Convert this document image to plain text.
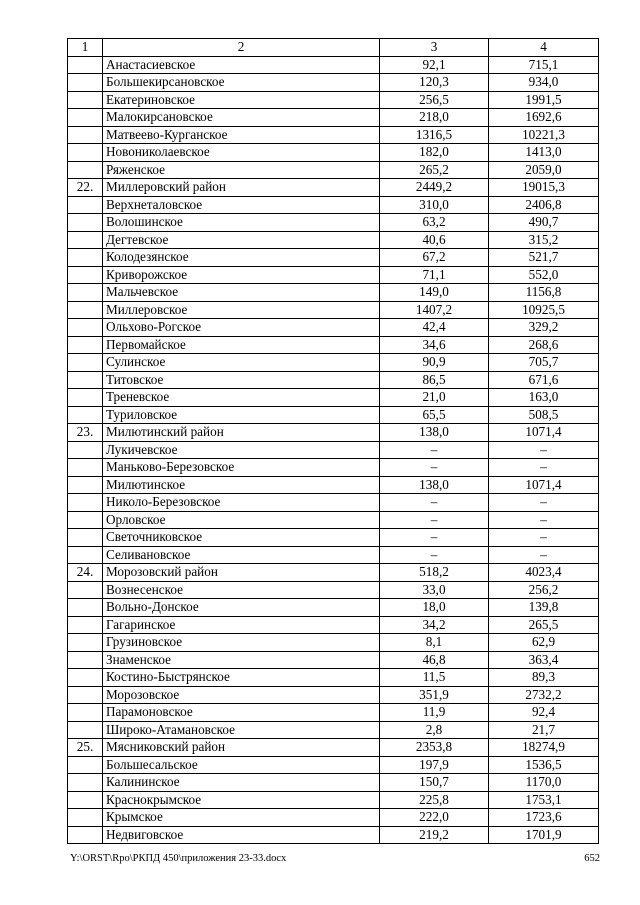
1	2	3	4
	Анастасиевское	92,1	715,1
	Большекирсановское	120,3	934,0
	Екатериновское	256,5	1991,5
	Малокирсановское	218,0	1692,6
	Матвеево-Курганское	1316,5	10221,3
	Новониколаевское	182,0	1413,0
	Ряженское	265,2	2059,0
22.	Миллеровский район	2449,2	19015,3
	Верхнеталовское	310,0	2406,8
	Волошинское	63,2	490,7
	Дегтевское	40,6	315,2
	Колодезянское	67,2	521,7
	Криворожское	71,1	552,0
	Мальчевское	149,0	1156,8
	Миллеровское	1407,2	10925,5
	Ольхово-Рогское	42,4	329,2
	Первомайское	34,6	268,6
	Сулинское	90,9	705,7
	Титовское	86,5	671,6
	Треневское	21,0	163,0
	Туриловское	65,5	508,5
23.	Милютинский район	138,0	1071,4
	Лукичевское	–	–
	Маньково-Березовское	–	–
	Милютинское	138,0	1071,4
	Николо-Березовское	–	–
	Орловское	–	–
	Светочниковское	–	–
	Селивановское	–	–
24.	Морозовский район	518,2	4023,4
	Вознесенское	33,0	256,2
	Вольно-Донское	18,0	139,8
	Гагаринское	34,2	265,5
	Грузиновское	8,1	62,9
	Знаменское	46,8	363,4
	Костино-Быстрянское	11,5	89,3
	Морозовское	351,9	2732,2
	Парамоновское	11,9	92,4
	Широко-Атамановское	2,8	21,7
25.	Мясниковский район	2353,8	18274,9
	Большесальское	197,9	1536,5
	Калининское	150,7	1170,0
	Краснокрымское	225,8	1753,1
	Крымское	222,0	1723,6
	Недвиговское	219,2	1701,9
Y:\ORST\Rpo\РКПД 450\приложения 23-33.docx	652
